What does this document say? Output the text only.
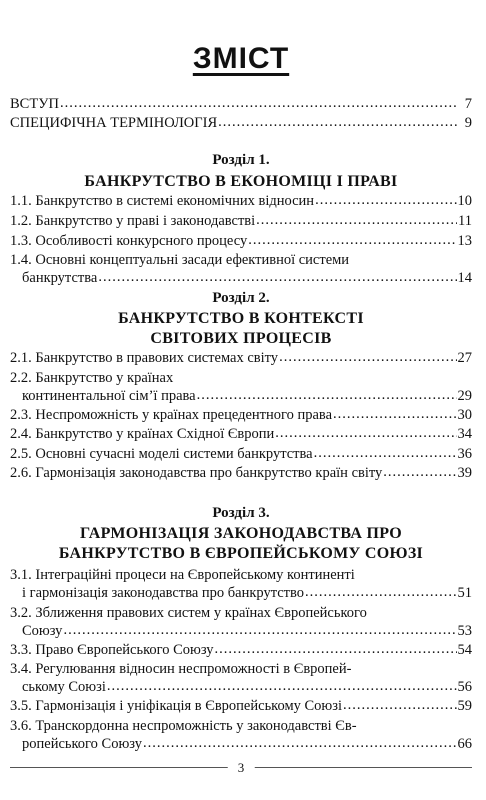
ЗМІСТ
ВСТУП .....	7
СПЕЦИФІЧНА ТЕРМІНОЛОГІЯ .....	9
Розділ 1.
БАНКРУТСТВО В ЕКОНОМІЦІ І ПРАВІ
1.1. Банкрутство в системі економічних відносин .....	10
1.2. Банкрутство у праві і законодавстві .....	11
1.3. Особливості конкурсного процесу .....	13
1.4. Основні концептуальні засади ефективної системи
банкрутства .....	14
Розділ 2.
БАНКРУТСТВО В КОНТЕКСТІ
СВІТОВИХ ПРОЦЕСІВ
2.1. Банкрутство в правових системах світу .....	27
2.2. Банкрутство у країнах
континентальної сім’ї права .....	29
2.3. Неспроможність у країнах прецедентного права .....	30
2.4. Банкрутство у країнах Східної Європи .....	34
2.5. Основні сучасні моделі системи банкрутства .....	36
2.6. Гармонізація законодавства про банкрутство країн світу .....	39
Розділ 3.
ГАРМОНІЗАЦІЯ ЗАКОНОДАВСТВА ПРО
БАНКРУТСТВО В ЄВРОПЕЙСЬКОМУ СОЮЗІ
3.1. Інтеграційні процеси на Європейському континенті
і гармонізація законодавства про банкрутство .....	51
3.2. Зближення правових систем у країнах Європейського
Союзу .....	53
3.3. Право Європейського Союзу .....	54
3.4. Регулювання відносин неспроможності в Європей-
ському Союзі .....	56
3.5. Гармонізація і уніфікація в Європейському Союзі .....	59
3.6. Транскордонна неспроможність у законодавстві Єв-
ропейського Союзу .....	66
3
